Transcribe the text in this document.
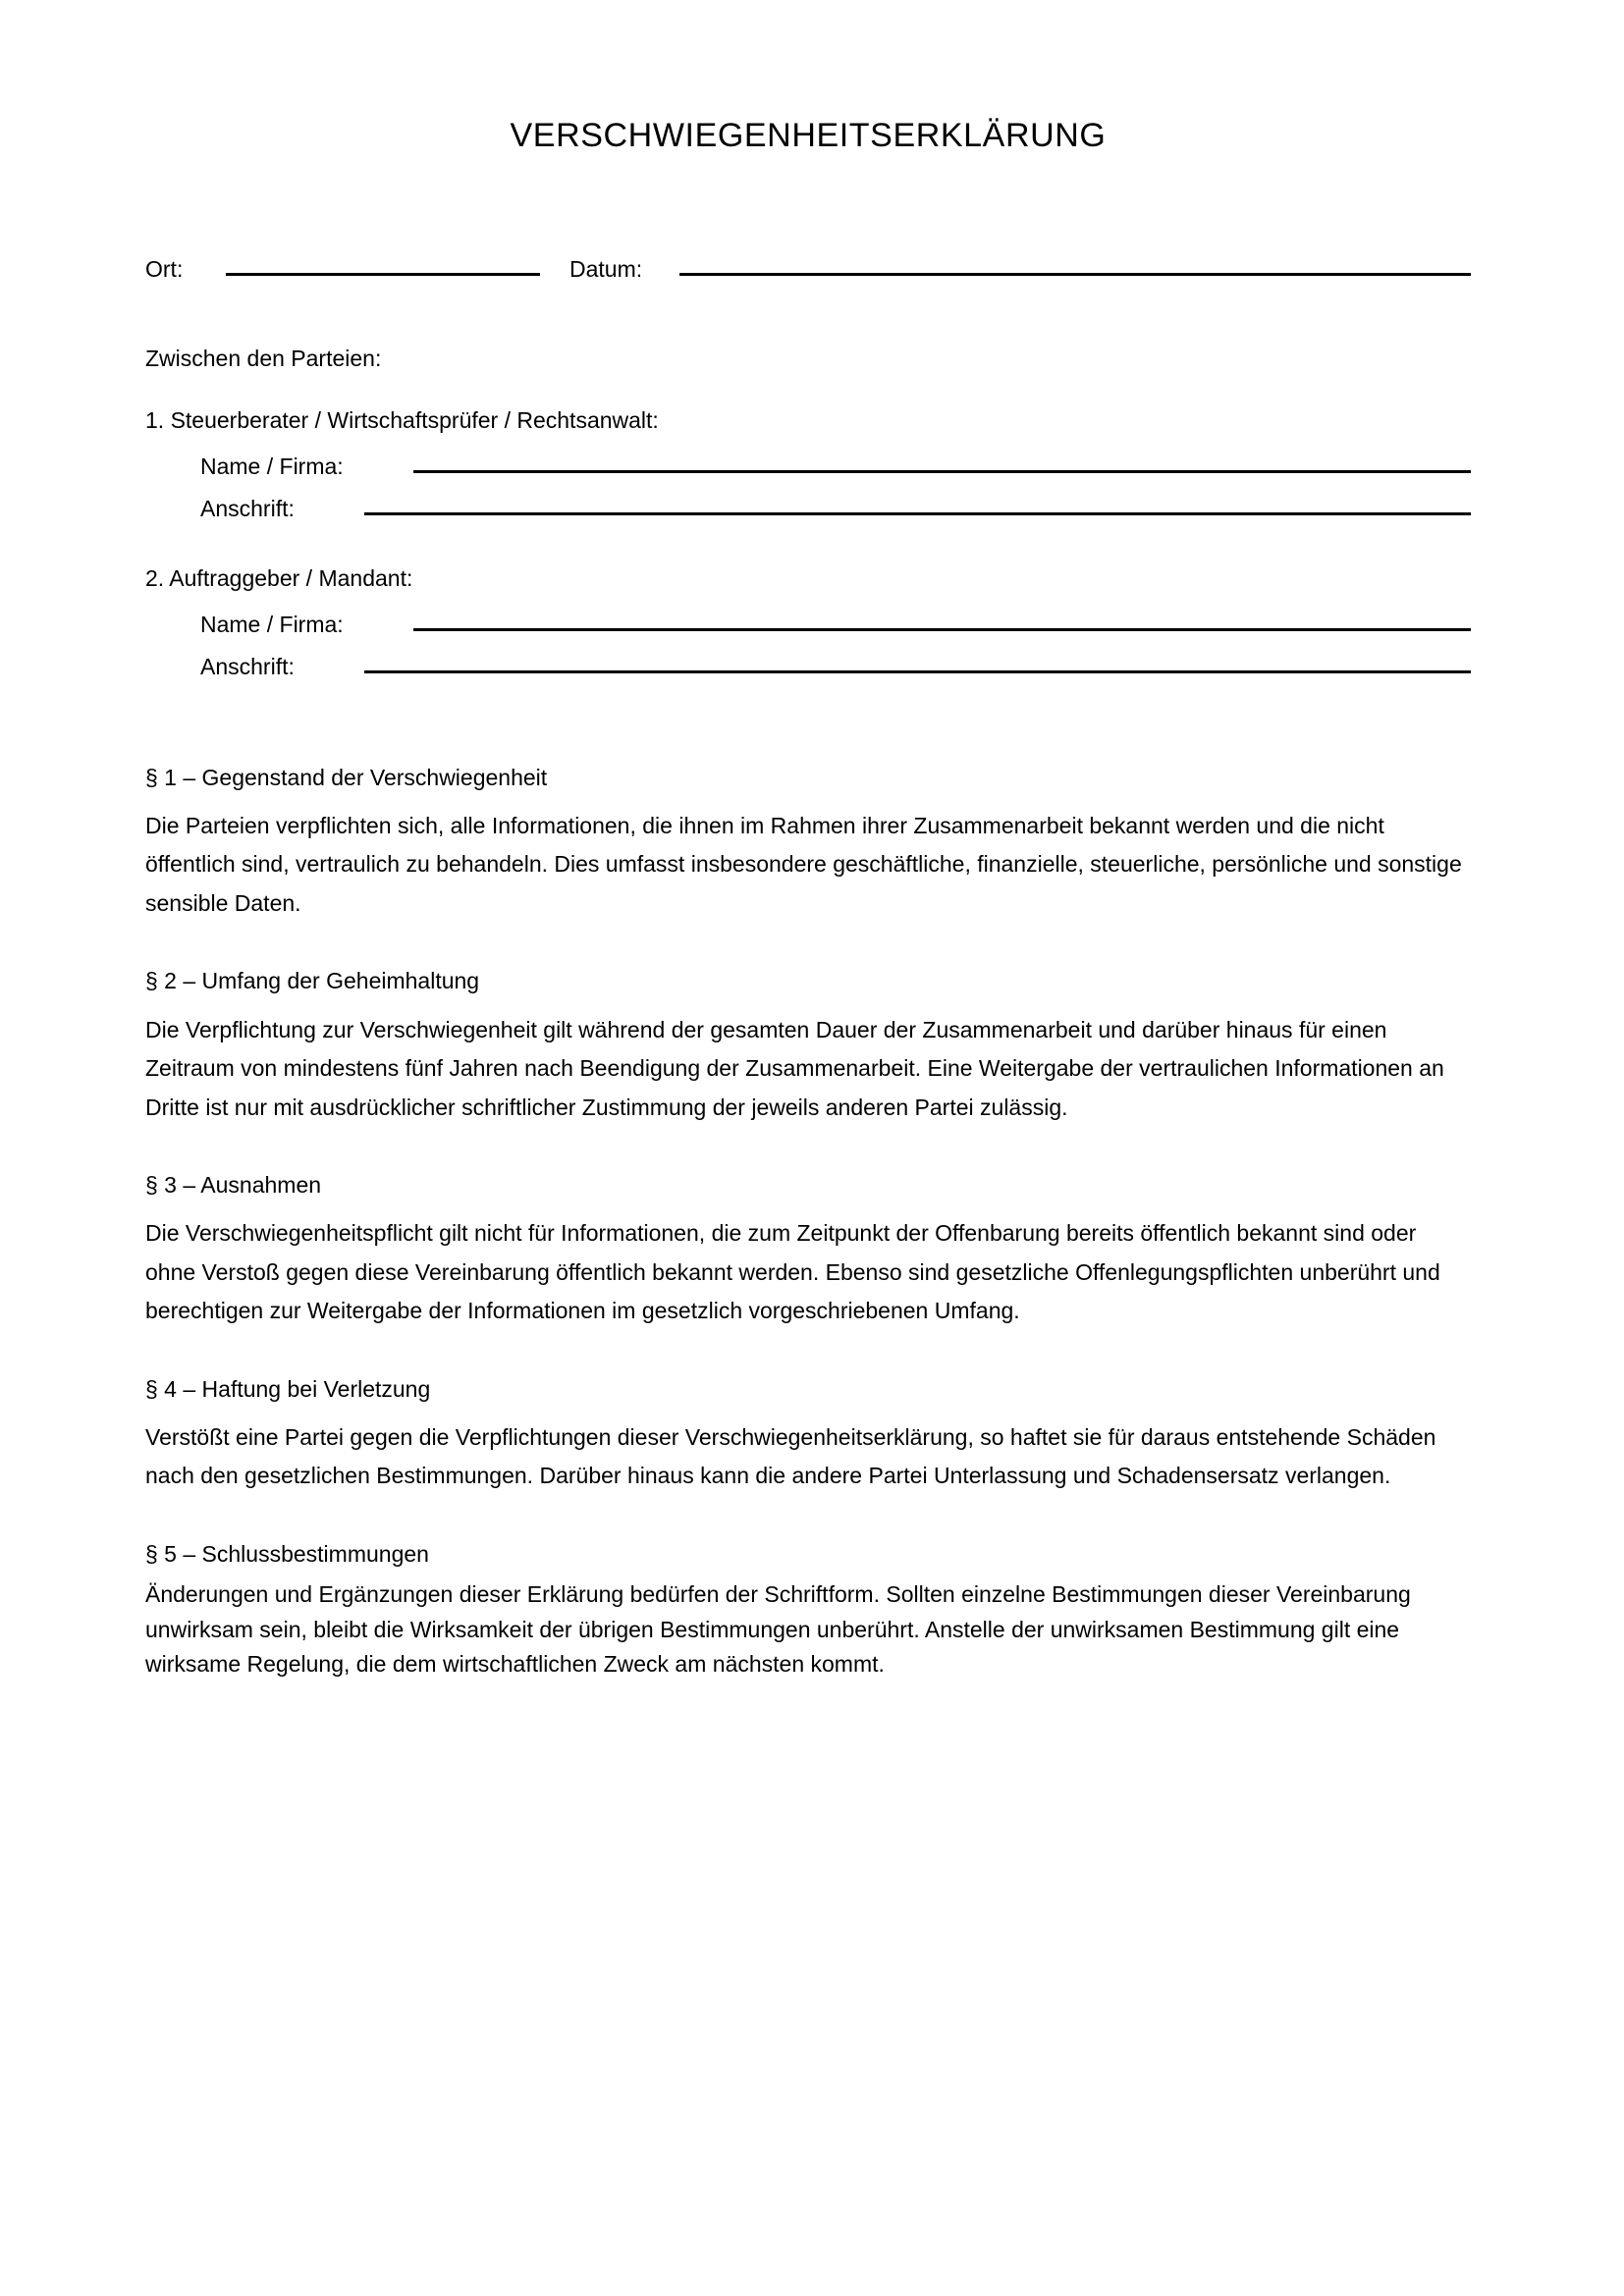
VERSCHWIEGENHEITSERKLÄRUNG
Ort:	Datum:

Zwischen den Parteien:

1. Steuerberater / Wirtschaftsprüfer / Rechtsanwalt:

Name / Firma:
Anschrift:

2. Auftraggeber / Mandant:

Name / Firma:
Anschrift:
§ 1 – Gegenstand der Verschwiegenheit

Die Parteien verpflichten sich, alle Informationen, die ihnen im Rahmen ihrer Zusammenarbeit bekannt werden und die nicht öffentlich sind, vertraulich zu behandeln. Dies umfasst insbesondere geschäftliche, finanzielle, steuerliche, persönliche und sonstige sensible Daten.

§ 2 – Umfang der Geheimhaltung

Die Verpflichtung zur Verschwiegenheit gilt während der gesamten Dauer der Zusammenarbeit und darüber hinaus für einen Zeitraum von mindestens fünf Jahren nach Beendigung der Zusammenarbeit. Eine Weitergabe der vertraulichen Informationen an Dritte ist nur mit ausdrücklicher schriftlicher Zustimmung der jeweils anderen Partei zulässig.

§ 3 – Ausnahmen

Die Verschwiegenheitspflicht gilt nicht für Informationen, die zum Zeitpunkt der Offenbarung bereits öffentlich bekannt sind oder ohne Verstoß gegen diese Vereinbarung öffentlich bekannt werden. Ebenso sind gesetzliche Offenlegungspflichten unberührt und berechtigen zur Weitergabe der Informationen im gesetzlich vorgeschriebenen Umfang.

§ 4 – Haftung bei Verletzung

Verstößt eine Partei gegen die Verpflichtungen dieser Verschwiegenheitserklärung, so haftet sie für daraus entstehende Schäden nach den gesetzlichen Bestimmungen. Darüber hinaus kann die andere Partei Unterlassung und Schadensersatz verlangen.

§ 5 – Schlussbestimmungen

Änderungen und Ergänzungen dieser Erklärung bedürfen der Schriftform. Sollten einzelne Bestimmungen dieser Vereinbarung unwirksam sein, bleibt die Wirksamkeit der übrigen Bestimmungen unberührt. Anstelle der unwirksamen Bestimmung gilt eine wirksame Regelung, die dem wirtschaftlichen Zweck am nächsten kommt.
